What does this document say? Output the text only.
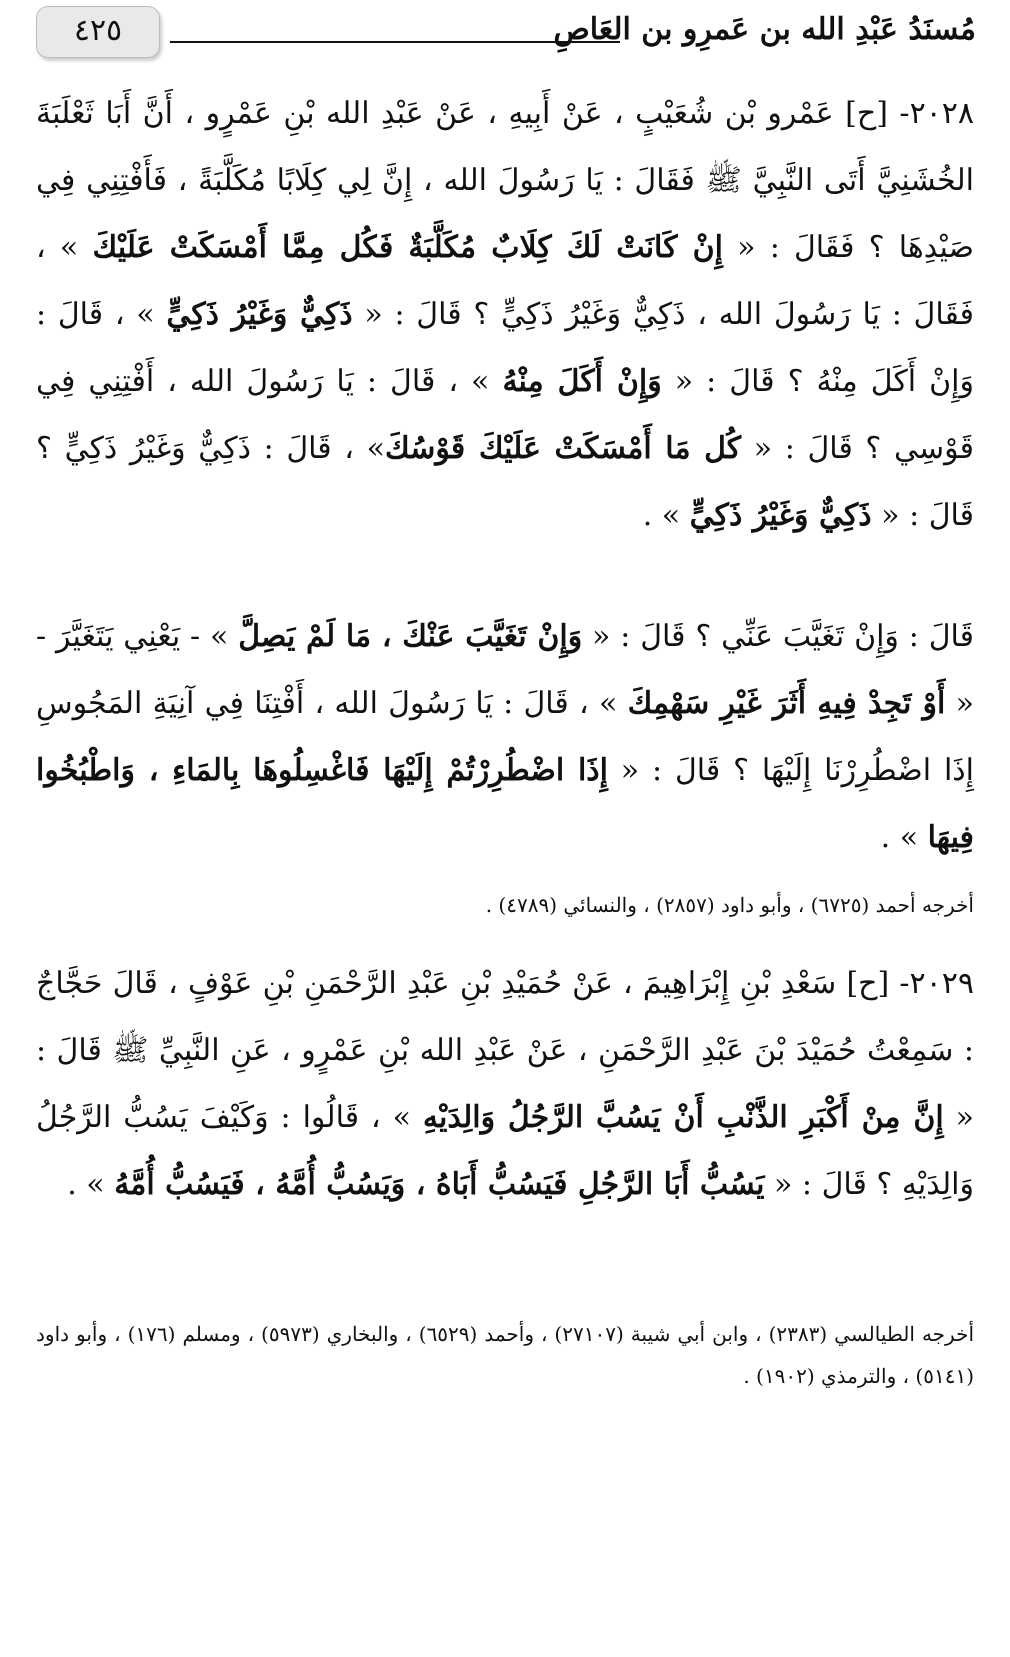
٤٢٥	مُسنَدُ عَبْدِ الله بن عَمرِو بن العَاصِ
٢٠٢٨- [ح] عَمْرو بْن شُعَيْبٍ ، عَنْ أَبِيهِ ، عَنْ عَبْدِ الله بْنِ عَمْرٍو ، أَنَّ أَبَا ثَعْلَبَةَ الخُشَنِيَّ أَتَى النَّبِيَّ ﷺ فَقَالَ : يَا رَسُولَ الله ، إِنَّ لِي كِلَابًا مُكَلَّبَةً ، فَأَفْتِنِي فِي صَيْدِهَا ؟ فَقَالَ : « إِنْ كَانَتْ لَكَ كِلَابٌ مُكَلَّبَةٌ فَكُل مِمَّا أَمْسَكَتْ عَلَيْكَ » ، فَقَالَ : يَا رَسُولَ الله ، ذَكِيٌّ وَغَيْرُ ذَكِيٍّ ؟ قَالَ : « ذَكِيٌّ وَغَيْرُ ذَكِيٍّ » ، قَالَ : وَإِنْ أَكَلَ مِنْهُ ؟ قَالَ : « وَإِنْ أَكَلَ مِنْهُ » ، قَالَ : يَا رَسُولَ الله ، أَفْتِنِي فِي قَوْسِي ؟ قَالَ : « كُل مَا أَمْسَكَتْ عَلَيْكَ قَوْسُكَ» ، قَالَ : ذَكِيٌّ وَغَيْرُ ذَكِيٍّ ؟ قَالَ : « ذَكِيٌّ وَغَيْرُ ذَكِيٍّ » .
قَالَ : وَإِنْ تَغَيَّبَ عَنِّي ؟ قَالَ : « وَإِنْ تَغَيَّبَ عَنْكَ ، مَا لَمْ يَصِلَّ » - يَعْنِي يَتَغَيَّرَ - « أَوْ تَجِدْ فِيهِ أَثَرَ غَيْرِ سَهْمِكَ » ، قَالَ : يَا رَسُولَ الله ، أَفْتِنَا فِي آنِيَةِ المَجُوسِ إِذَا اضْطُرِرْنَا إِلَيْهَا ؟ قَالَ : « إِذَا اضْطُرِرْتُمْ إِلَيْهَا فَاغْسِلُوهَا بِالمَاءِ ، وَاطْبُخُوا فِيهَا » .
أخرجه أحمد (٦٧٢٥) ، وأبو داود (٢٨٥٧) ، والنسائي (٤٧٨٩) .
٢٠٢٩- [ح] سَعْدِ بْنِ إِبْرَاهِيمَ ، عَنْ حُمَيْدِ بْنِ عَبْدِ الرَّحْمَنِ بْنِ عَوْفٍ ، قَالَ حَجَّاجٌ : سَمِعْتُ حُمَيْدَ بْنَ عَبْدِ الرَّحْمَنِ ، عَنْ عَبْدِ الله بْنِ عَمْرٍو ، عَنِ النَّبِيِّ ﷺ قَالَ : « إِنَّ مِنْ أَكْبَرِ الذَّنْبِ أَنْ يَسُبَّ الرَّجُلُ وَالِدَيْهِ » ، قَالُوا : وَكَيْفَ يَسُبُّ الرَّجُلُ وَالِدَيْهِ ؟ قَالَ : « يَسُبُّ أَبَا الرَّجُلِ فَيَسُبُّ أَبَاهُ ، وَيَسُبُّ أُمَّهُ ، فَيَسُبُّ أُمَّهُ » .
أخرجه الطيالسي (٢٣٨٣) ، وابن أبي شيبة (٢٧١٠٧) ، وأحمد (٦٥٢٩) ، والبخاري (٥٩٧٣) ، ومسلم (١٧٦) ، وأبو داود (٥١٤١) ، والترمذي (١٩٠٢) .
